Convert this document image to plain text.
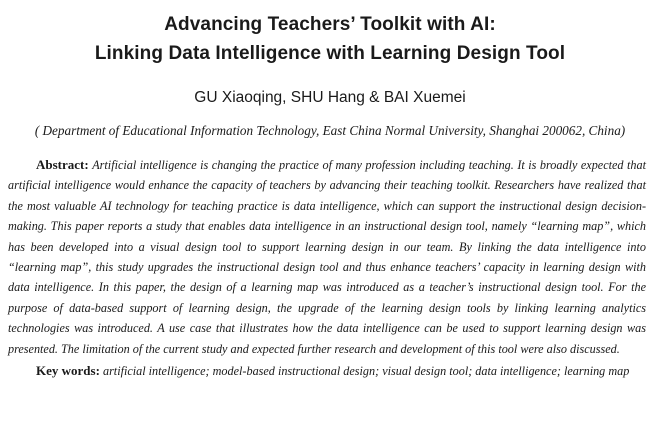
Advancing Teachers’ Toolkit with AI:
Linking Data Intelligence with Learning Design Tool
GU Xiaoqing, SHU Hang & BAI Xuemei
( Department of Educational Information Technology, East China Normal University, Shanghai 200062, China)

Abstract: Artificial intelligence is changing the practice of many profession including teaching. It is broadly expected that artificial intelligence would enhance the capacity of teachers by advancing their teaching toolkit. Researchers have realized that the most valuable AI technology for teaching practice is data intelligence, which can support the instructional design decision-making. This paper reports a study that enables data intelligence in an instructional design tool, namely “learning map”, which has been developed into a visual design tool to support learning design in our team. By linking the data intelligence into “learning map”, this study upgrades the instructional design tool and thus enhance teachers’ capacity in learning design with data intelligence. In this paper, the design of a learning map was introduced as a teacher’s instructional design tool. For the purpose of data-based support of learning design, the upgrade of the learning design tools by linking learning analytics technologies was introduced. A use case that illustrates how the data intelligence can be used to support learning design was presented. The limitation of the current study and expected further research and development of this tool were also discussed.

Key words: artificial intelligence; model-based instructional design; visual design tool; data intelligence; learning map
